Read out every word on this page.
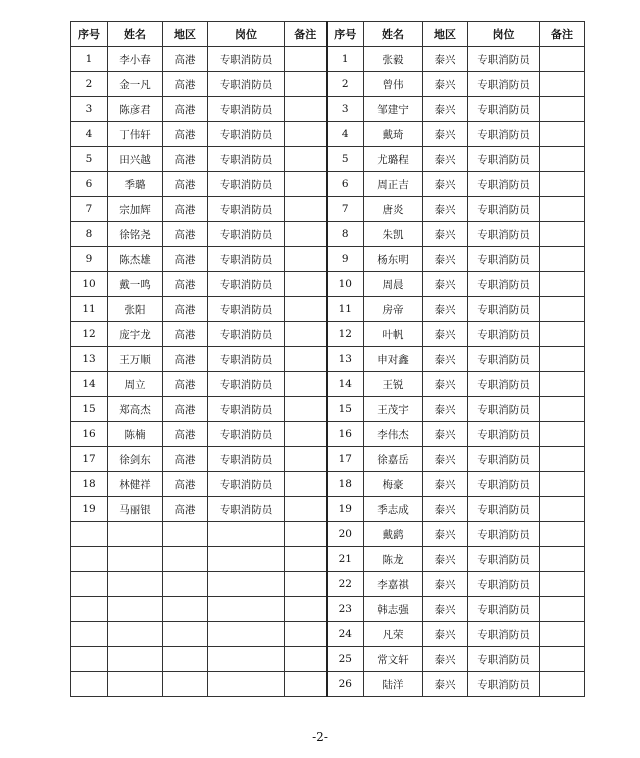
序号	姓名	地区	岗位	备注	序号	姓名	地区	岗位	备注
1	李小春	高港	专职消防员		1	张毅	泰兴	专职消防员	
2	金一凡	高港	专职消防员		2	曾伟	泰兴	专职消防员	
3	陈彦君	高港	专职消防员		3	邹建宁	泰兴	专职消防员	
4	丁伟轩	高港	专职消防员		4	戴琦	泰兴	专职消防员	
5	田兴越	高港	专职消防员		5	尤璐程	泰兴	专职消防员	
6	季璐	高港	专职消防员		6	周正吉	泰兴	专职消防员	
7	宗加辉	高港	专职消防员		7	唐炎	泰兴	专职消防员	
8	徐铭尧	高港	专职消防员		8	朱凯	泰兴	专职消防员	
9	陈杰雄	高港	专职消防员		9	杨东明	泰兴	专职消防员	
10	戴一鸣	高港	专职消防员		10	周晨	泰兴	专职消防员	
11	张阳	高港	专职消防员		11	房帝	泰兴	专职消防员	
12	庞宇龙	高港	专职消防员		12	叶帆	泰兴	专职消防员	
13	王万顺	高港	专职消防员		13	申对鑫	泰兴	专职消防员	
14	周立	高港	专职消防员		14	王锐	泰兴	专职消防员	
15	郑高杰	高港	专职消防员		15	王茂宇	泰兴	专职消防员	
16	陈楠	高港	专职消防员		16	李伟杰	泰兴	专职消防员	
17	徐剑东	高港	专职消防员		17	徐嘉岳	泰兴	专职消防员	
18	林健祥	高港	专职消防员		18	梅豪	泰兴	专职消防员	
19	马丽银	高港	专职消防员		19	季志成	泰兴	专职消防员	
					20	戴鹞	泰兴	专职消防员	
					21	陈龙	泰兴	专职消防员	
					22	李嘉祺	泰兴	专职消防员	
					23	韩志强	泰兴	专职消防员	
					24	凡荣	泰兴	专职消防员	
					25	常文轩	泰兴	专职消防员	
					26	陆洋	泰兴	专职消防员	
-2-
